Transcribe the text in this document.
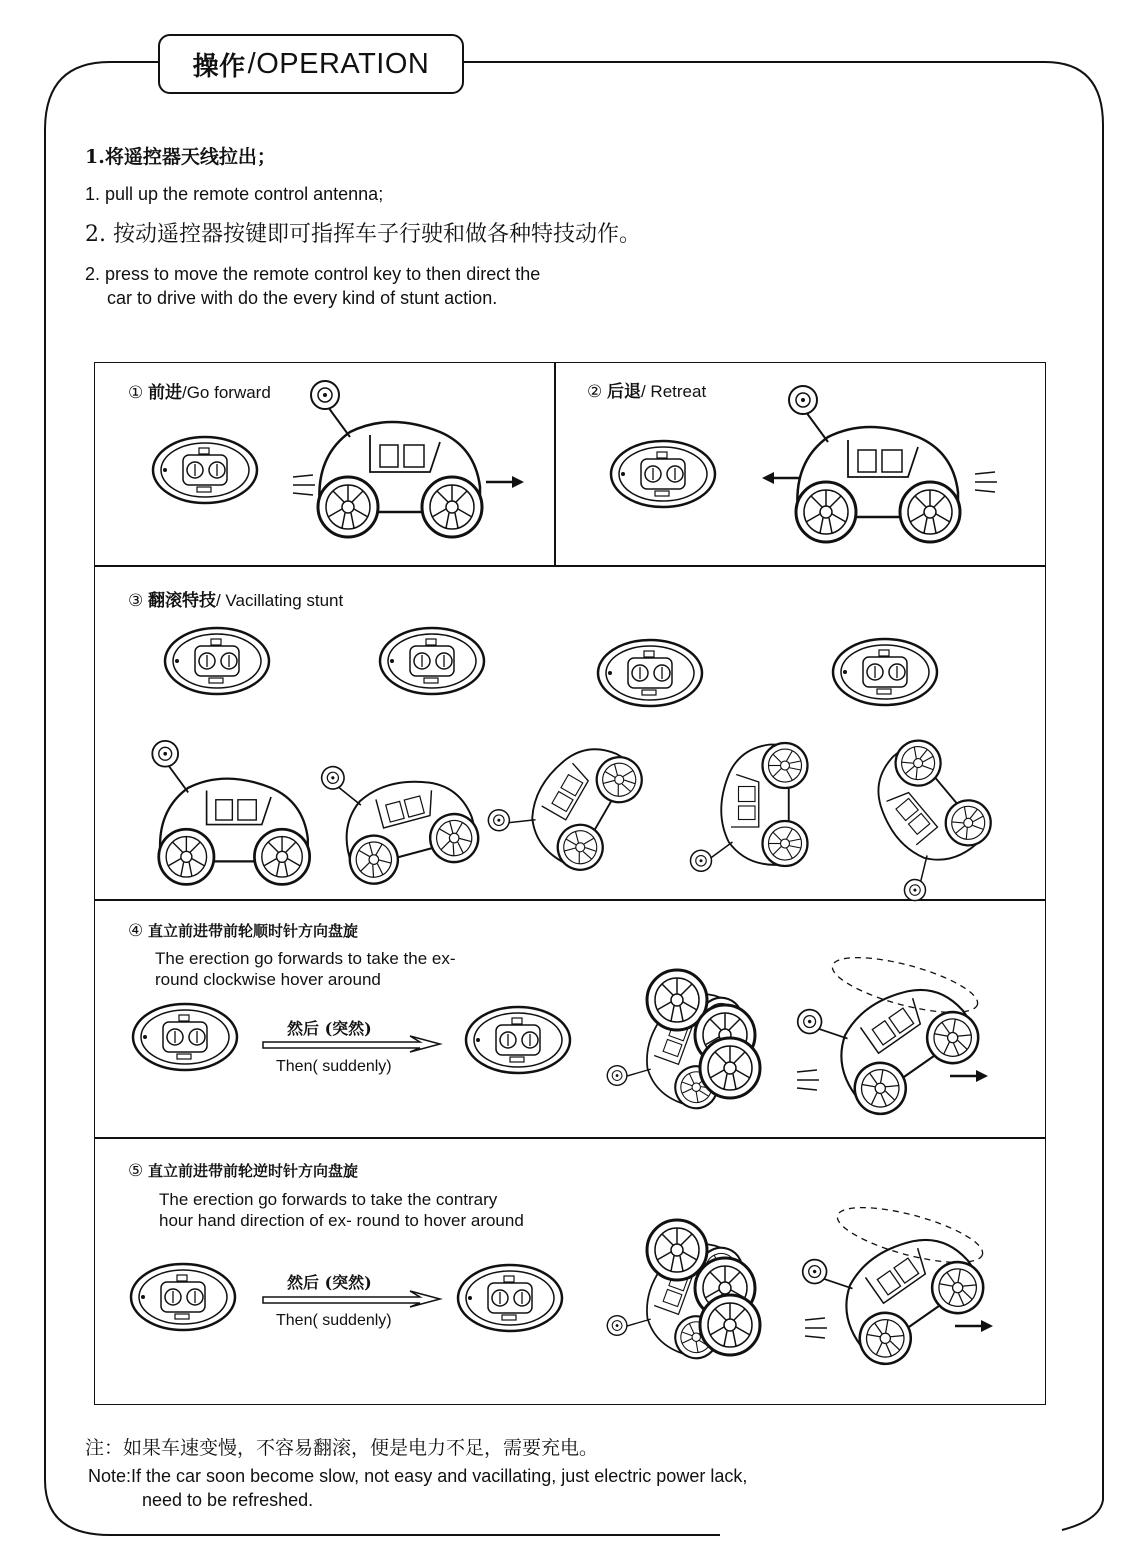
操作 /OPERATION
1.将遥控器天线拉出；
1. pull up the remote control antenna;
2. 按动遥控器按键即可指挥车子行驶和做各种特技动作。
2. press to move the remote control key to then direct the
car to drive with do the every kind of stunt action.
① 前进/Go forward	② 后退/ Retreat
③ 翻滚特技/ Vacillating stunt
④ 直立前进带前轮顺时针方向盘旋
The erection go forwards to take the ex-
round clockwise hover around
⑤ 直立前进带前轮逆时针方向盘旋
The erection go forwards to take the contrary
hour hand direction of ex- round to hover around
然后 (突然)
Then( suddenly)
然后 (突然)
Then( suddenly)
注：如果车速变慢，不容易翻滚，便是电力不足，需要充电。
Note:If the car soon become slow, not easy and vacillating, just electric power lack,
need to be refreshed.
